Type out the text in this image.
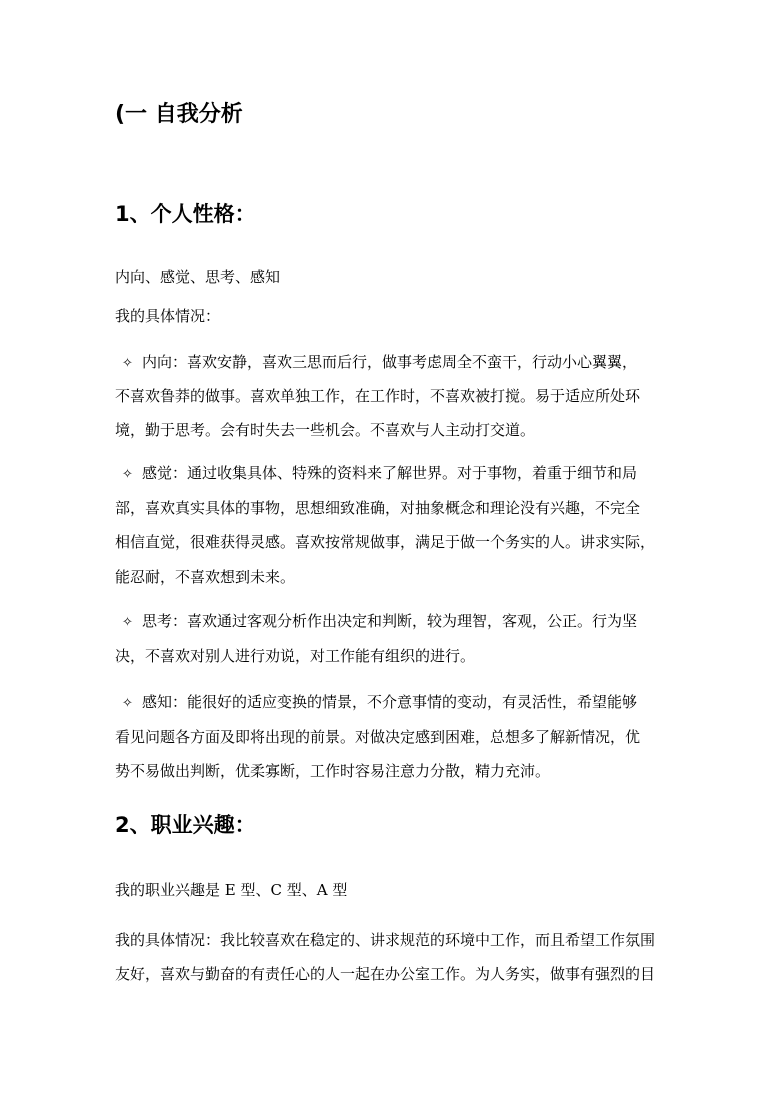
(一 自我分析
1、个人性格：
内向、感觉、思考、感知
我的具体情况：
✧ 内向：喜欢安静，喜欢三思而后行，做事考虑周全不蛮干，行动小心翼翼，
不喜欢鲁莽的做事。喜欢单独工作，在工作时，不喜欢被打搅。易于适应所处环
境，勤于思考。会有时失去一些机会。不喜欢与人主动打交道。
✧ 感觉：通过收集具体、特殊的资料来了解世界。对于事物，着重于细节和局
部，喜欢真实具体的事物，思想细致准确，对抽象概念和理论没有兴趣，不完全
相信直觉，很难获得灵感。喜欢按常规做事，满足于做一个务实的人。讲求实际，
能忍耐，不喜欢想到未来。
✧ 思考：喜欢通过客观分析作出决定和判断，较为理智，客观，公正。行为坚
决，不喜欢对别人进行劝说，对工作能有组织的进行。
✧ 感知：能很好的适应变换的情景，不介意事情的变动，有灵活性，希望能够
看见问题各方面及即将出现的前景。对做决定感到困难，总想多了解新情况，优
势不易做出判断，优柔寡断，工作时容易注意力分散，精力充沛。
2、职业兴趣：
我的职业兴趣是 E 型、C 型、A 型
我的具体情况：我比较喜欢在稳定的、讲求规范的环境中工作，而且希望工作氛围
友好，喜欢与勤奋的有责任心的人一起在办公室工作。为人务实，做事有强烈的目
